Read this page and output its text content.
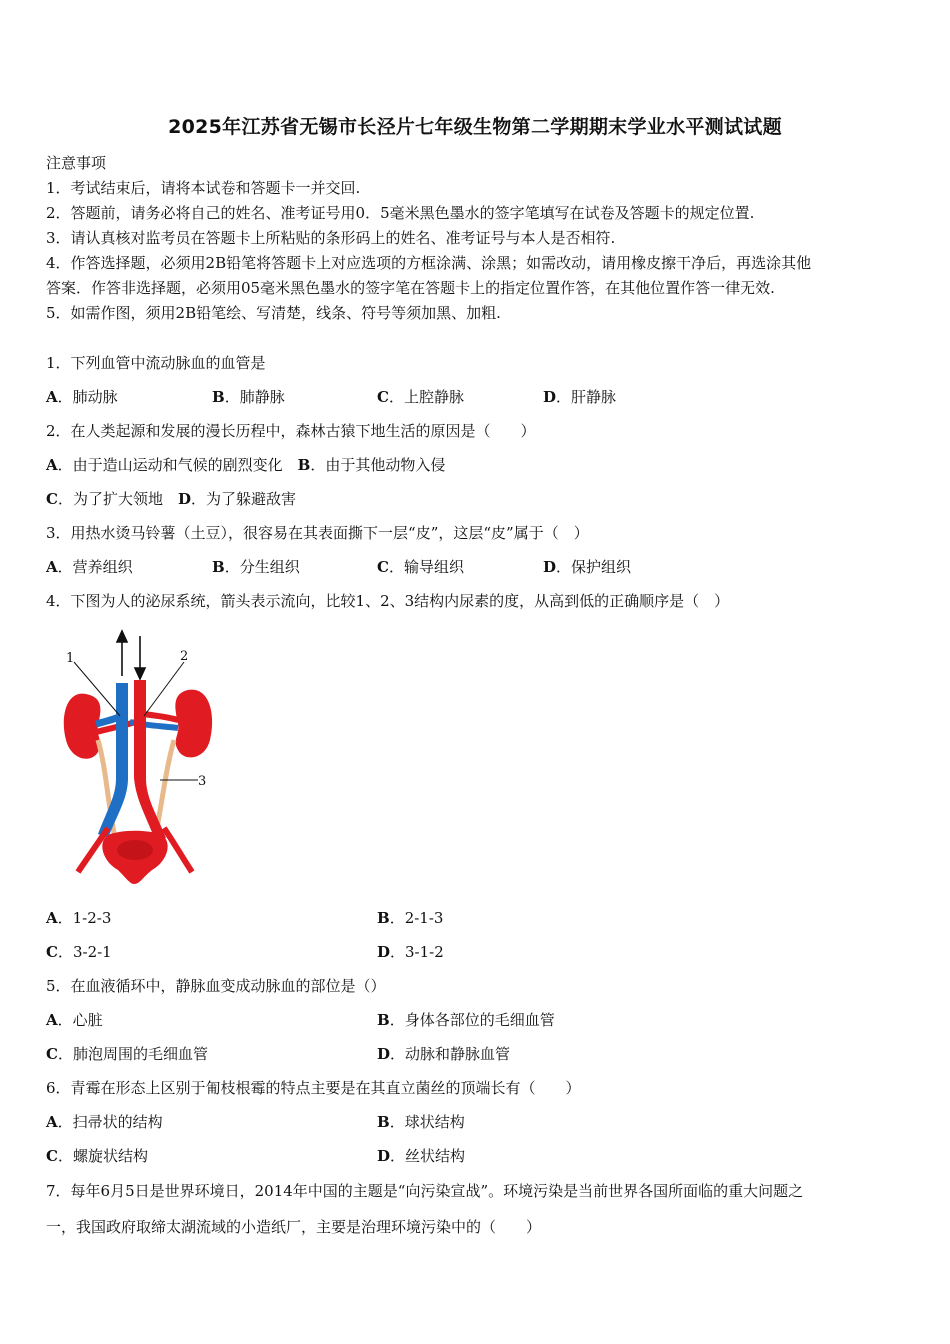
2025年江苏省无锡市长泾片七年级生物第二学期期末学业水平测试试题
注意事项
1．考试结束后，请将本试卷和答题卡一并交回.
2．答题前，请务必将自己的姓名、准考证号用0．5毫米黑色墨水的签字笔填写在试卷及答题卡的规定位置.
3．请认真核对监考员在答题卡上所粘贴的条形码上的姓名、准考证号与本人是否相符.
4．作答选择题，必须用2B铅笔将答题卡上对应选项的方框涂满、涂黑；如需改动，请用橡皮擦干净后，再选涂其他
答案．作答非选择题，必须用05毫米黑色墨水的签字笔在答题卡上的指定位置作答，在其他位置作答一律无效.
5．如需作图，须用2B铅笔绘、写清楚，线条、符号等须加黑、加粗.
1．下列血管中流动脉血的血管是
A．肺动脉	B．肺静脉	C．上腔静脉	D．肝静脉
2．在人类起源和发展的漫长历程中，森林古猿下地生活的原因是（　　）
A．由于造山运动和气候的剧烈变化　B．由于其他动物入侵
C．为了扩大领地　D．为了躲避敌害
3．用热水烫马铃薯（土豆），很容易在其表面撕下一层“皮”，这层“皮”属于（　）
A．营养组织	B．分生组织	C．输导组织	D．保护组织
4．下图为人的泌尿系统，箭头表示流向，比较1、2、3结构内尿素的度，从高到低的正确顺序是（　）
1	2
3
A．1-2-3	B．2-1-3
C．3-2-1	D．3-1-2
5．在血液循环中，静脉血变成动脉血的部位是（）
A．心脏	B．身体各部位的毛细血管
C．肺泡周围的毛细血管	D．动脉和静脉血管
6．青霉在形态上区别于匍枝根霉的特点主要是在其直立菌丝的顶端长有（　　）
A．扫帚状的结构	B．球状结构
C．螺旋状结构	D．丝状结构
7．每年6月5日是世界环境日，2014年中国的主题是“向污染宣战”。环境污染是当前世界各国所面临的重大问题之
一，我国政府取缔太湖流域的小造纸厂，主要是治理环境污染中的（　　）
